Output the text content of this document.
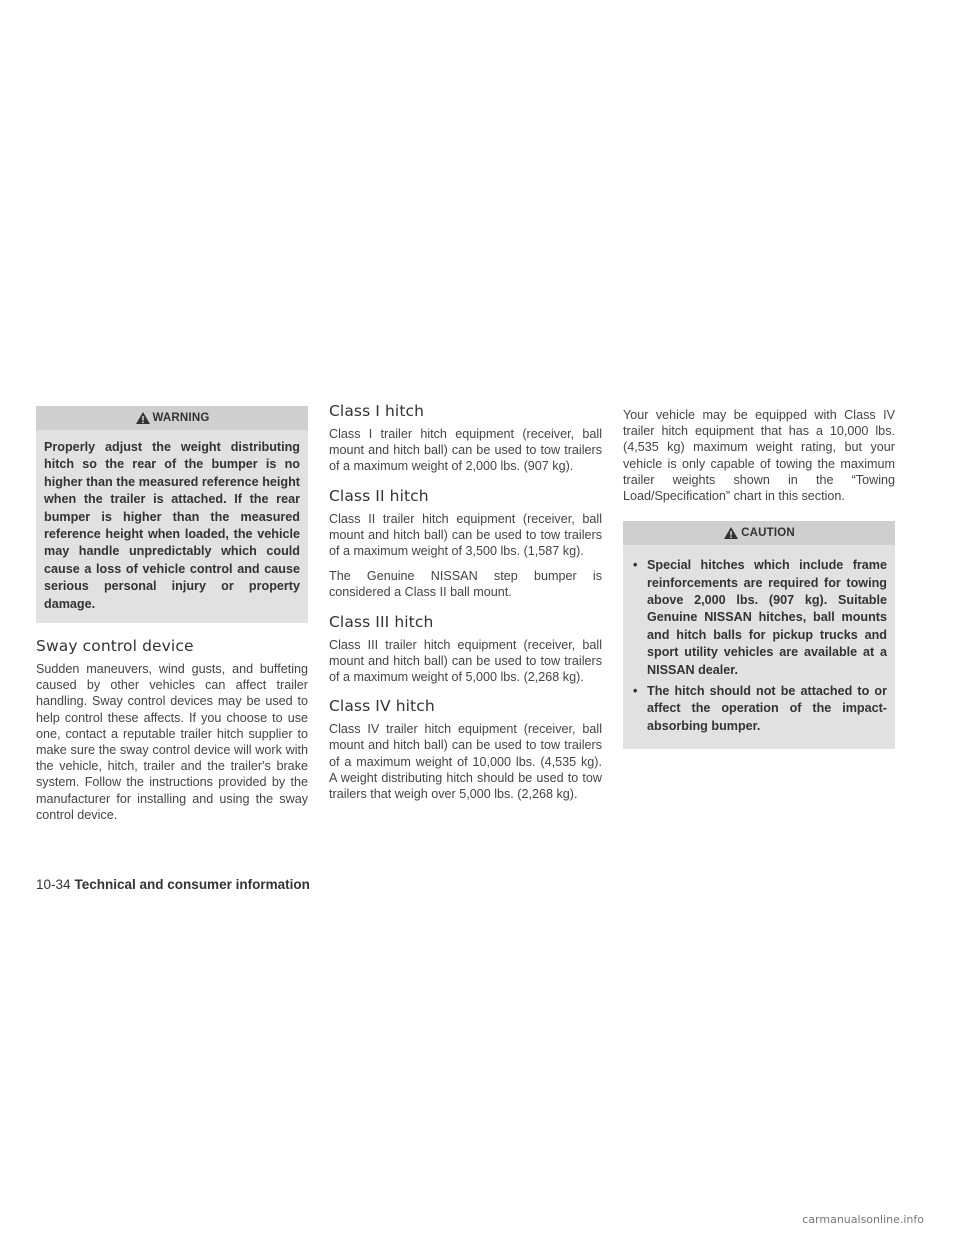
WARNING
Properly adjust the weight distributing hitch so the rear of the bumper is no higher than the measured reference height when the trailer is attached. If the rear bumper is higher than the measured reference height when loaded, the vehicle may handle unpredictably which could cause a loss of vehicle control and cause serious personal injury or property damage.
Sway control device

Sudden maneuvers, wind gusts, and buffeting caused by other vehicles can affect trailer handling. Sway control devices may be used to help control these affects. If you choose to use one, contact a reputable trailer hitch supplier to make sure the sway control device will work with the vehicle, hitch, trailer and the trailer's brake system. Follow the instructions provided by the manufacturer for installing and using the sway control device.

Class I hitch

Class I trailer hitch equipment (receiver, ball mount and hitch ball) can be used to tow trailers of a maximum weight of 2,000 lbs. (907 kg).

Class II hitch

Class II trailer hitch equipment (receiver, ball mount and hitch ball) can be used to tow trailers of a maximum weight of 3,500 lbs. (1,587 kg).

The Genuine NISSAN step bumper is considered a Class II ball mount.

Class III hitch

Class III trailer hitch equipment (receiver, ball mount and hitch ball) can be used to tow trailers of a maximum weight of 5,000 lbs. (2,268 kg).

Class IV hitch

Class IV trailer hitch equipment (receiver, ball mount and hitch ball) can be used to tow trailers of a maximum weight of 10,000 lbs. (4,535 kg). A weight distributing hitch should be used to tow trailers that weigh over 5,000 lbs. (2,268 kg).

Your vehicle may be equipped with Class IV trailer hitch equipment that has a 10,000 lbs. (4,535 kg) maximum weight rating, but your vehicle is only capable of towing the maximum trailer weights shown in the “Towing Load/Specification” chart in this section.

CAUTION
• Special hitches which include frame reinforcements are required for towing above 2,000 lbs. (907 kg). Suitable Genuine NISSAN hitches, ball mounts and hitch balls for pickup trucks and sport utility vehicles are available at a NISSAN dealer.
• The hitch should not be attached to or affect the operation of the impact-absorbing bumper.
10-34 Technical and consumer information
carmanualsonline.info
